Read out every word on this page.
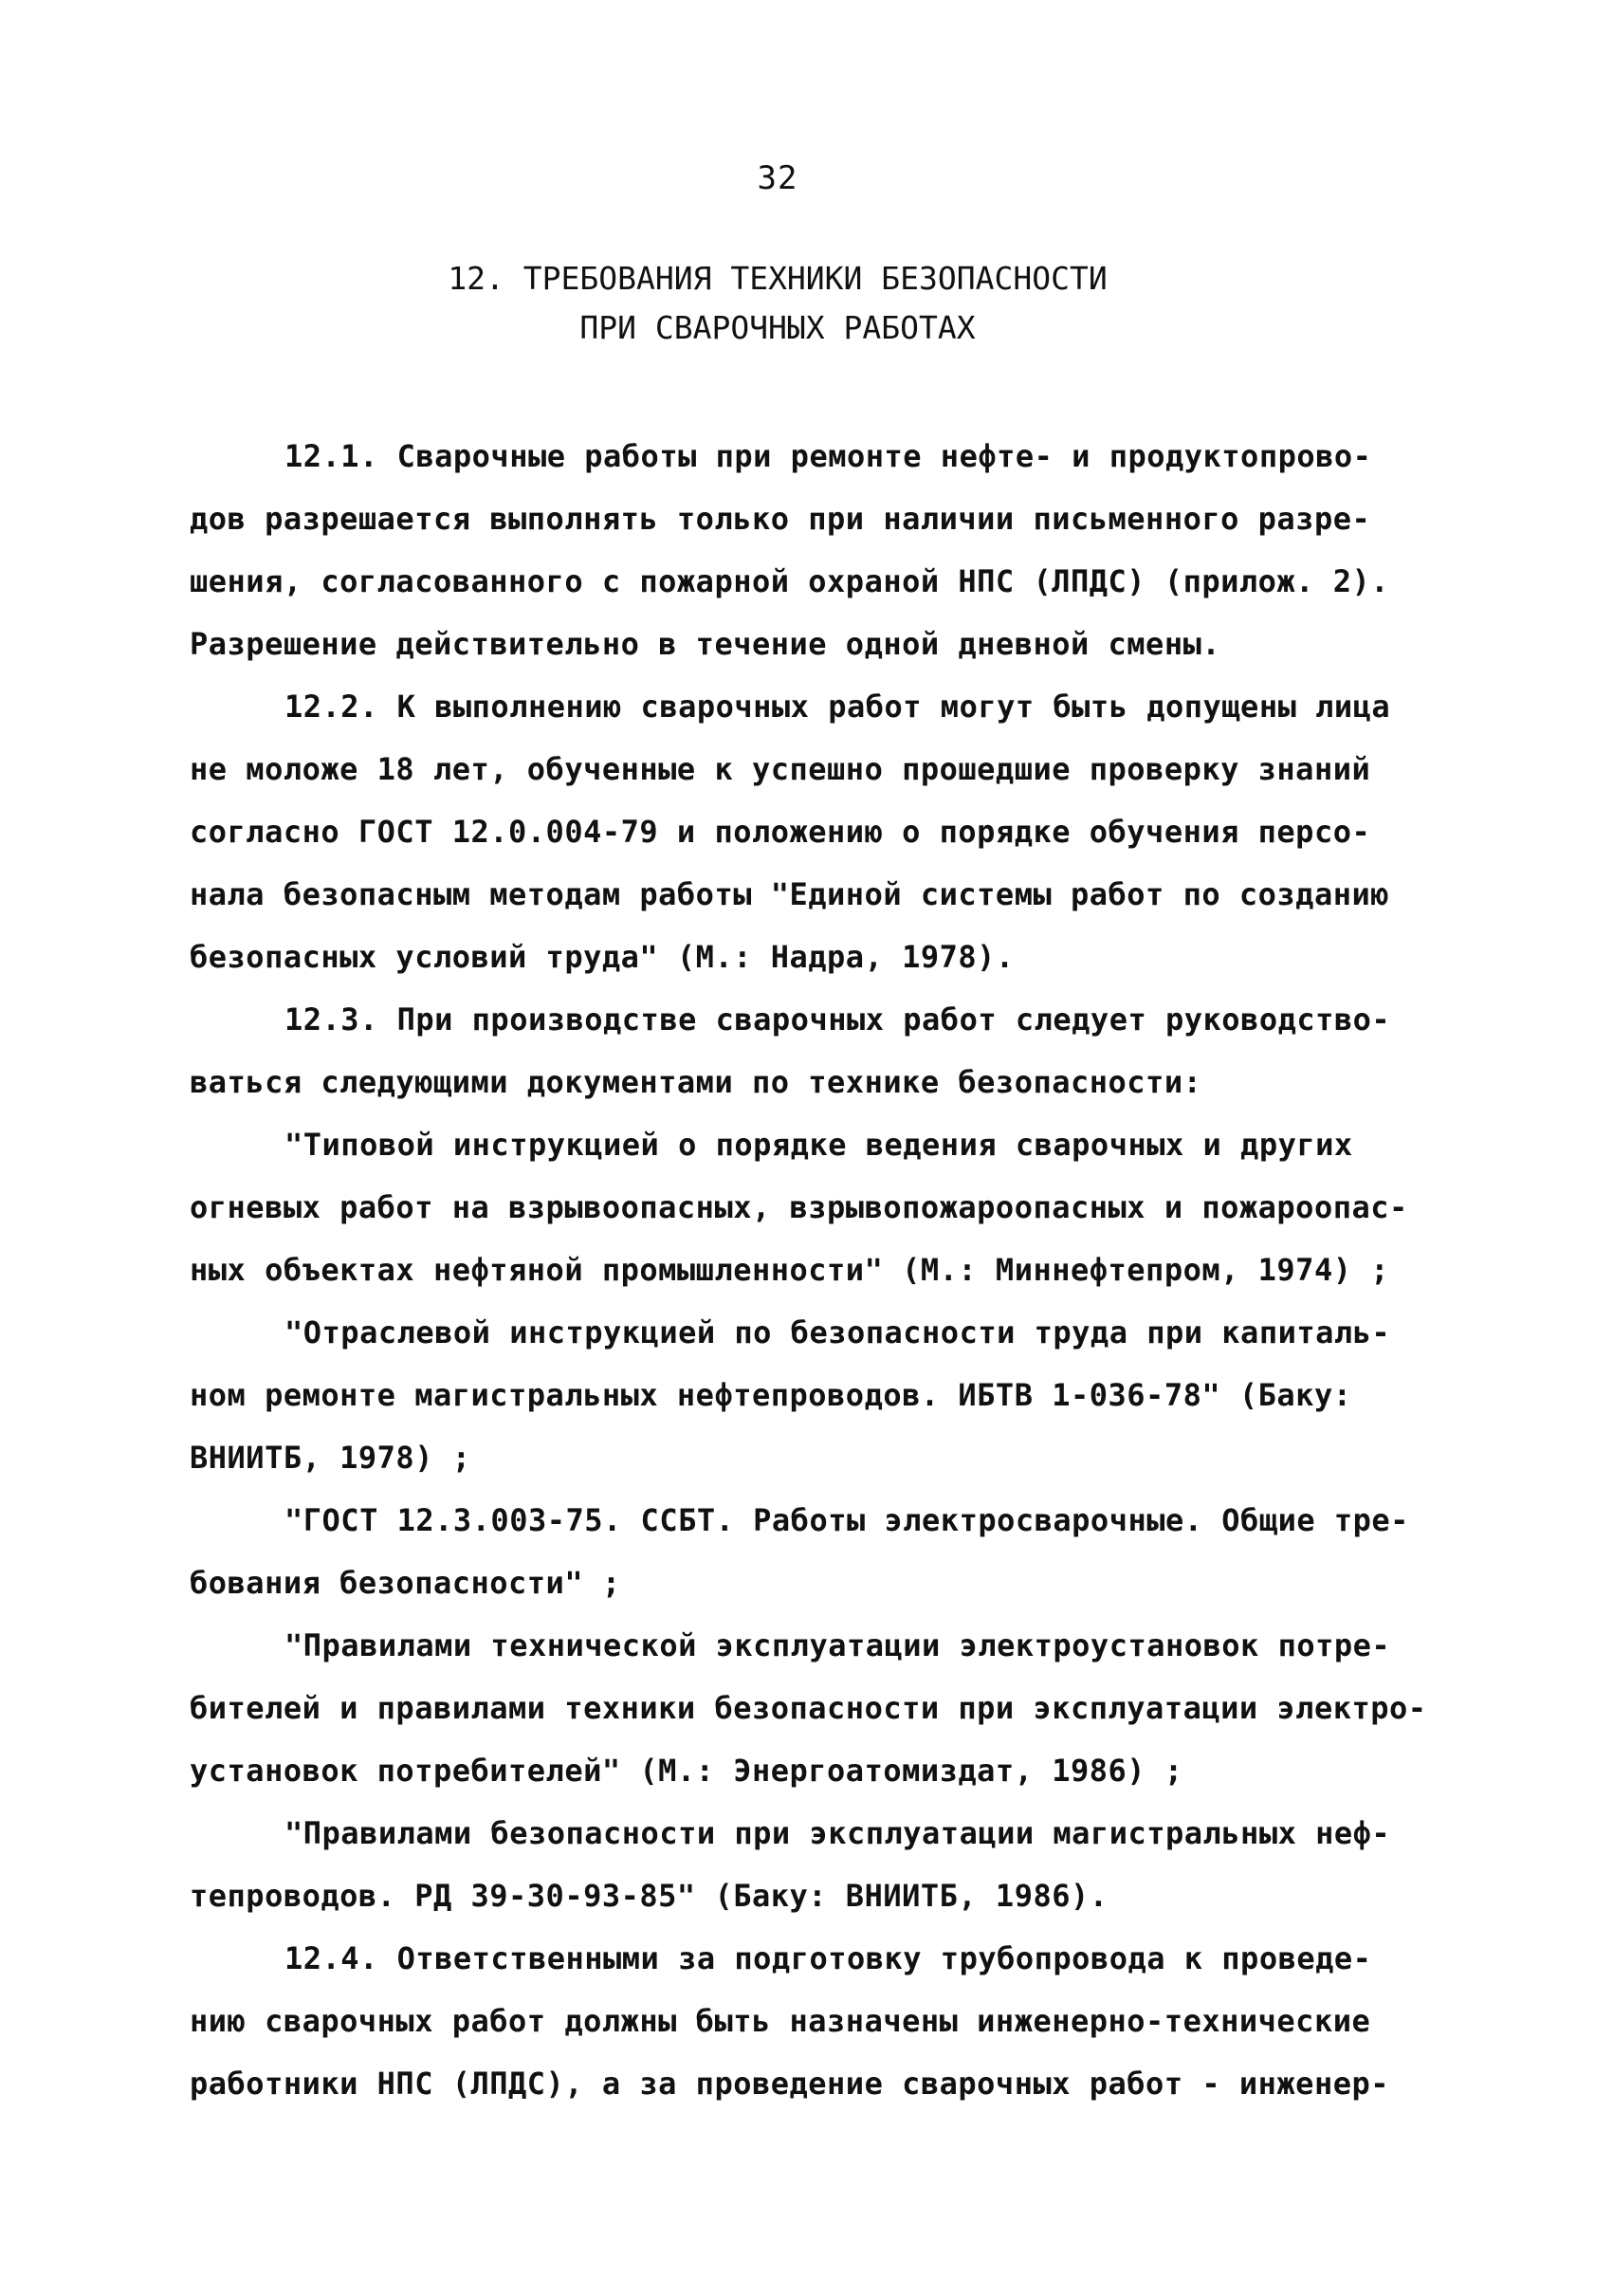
32
12. ТРЕБОВАНИЯ ТЕХНИКИ БЕЗОПАСНОСТИ
ПРИ СВАРОЧНЫХ РАБОТАХ
12.1. Сварочные работы при ремонте нефте- и продуктопрово-
дов разрешается выполнять только при наличии письменного разре-
шения, согласованного с пожарной охраной НПС (ЛПДС) (прилож. 2).
Разрешение действительно в течение одной дневной смены.
12.2. К выполнению сварочных работ могут быть допущены лица
не моложе 18 лет, обученные к успешно прошедшие проверку знаний
согласно ГОСТ 12.0.004-79 и положению о порядке обучения персо-
нала безопасным методам работы "Единой системы работ по созданию
безопасных условий труда" (М.: Надра, 1978).
12.3. При производстве сварочных работ следует руководство-
ваться следующими документами по технике безопасности:
"Типовой инструкцией о порядке ведения сварочных и других
огневых работ на взрывоопасных, взрывопожароопасных и пожароопас-
ных объектах нефтяной промышленности" (М.: Миннефтепром, 1974) ;
"Отраслевой инструкцией по безопасности труда при капиталь-
ном ремонте магистральных нефтепроводов. ИБТВ 1-036-78" (Баку:
ВНИИТБ, 1978) ;
"ГОСТ 12.3.003-75. ССБТ. Работы электросварочные. Общие тре-
бования безопасности" ;
"Правилами технической эксплуатации электроустановок потре-
бителей и правилами техники безопасности при эксплуатации электро-
установок потребителей" (М.: Энергоатомиздат, 1986) ;
"Правилами безопасности при эксплуатации магистральных неф-
тепроводов. РД 39-30-93-85" (Баку: ВНИИТБ, 1986).
12.4. Ответственными за подготовку трубопровода к проведе-
нию сварочных работ должны быть назначены инженерно-технические
работники НПС (ЛПДС), а за проведение сварочных работ - инженер-
